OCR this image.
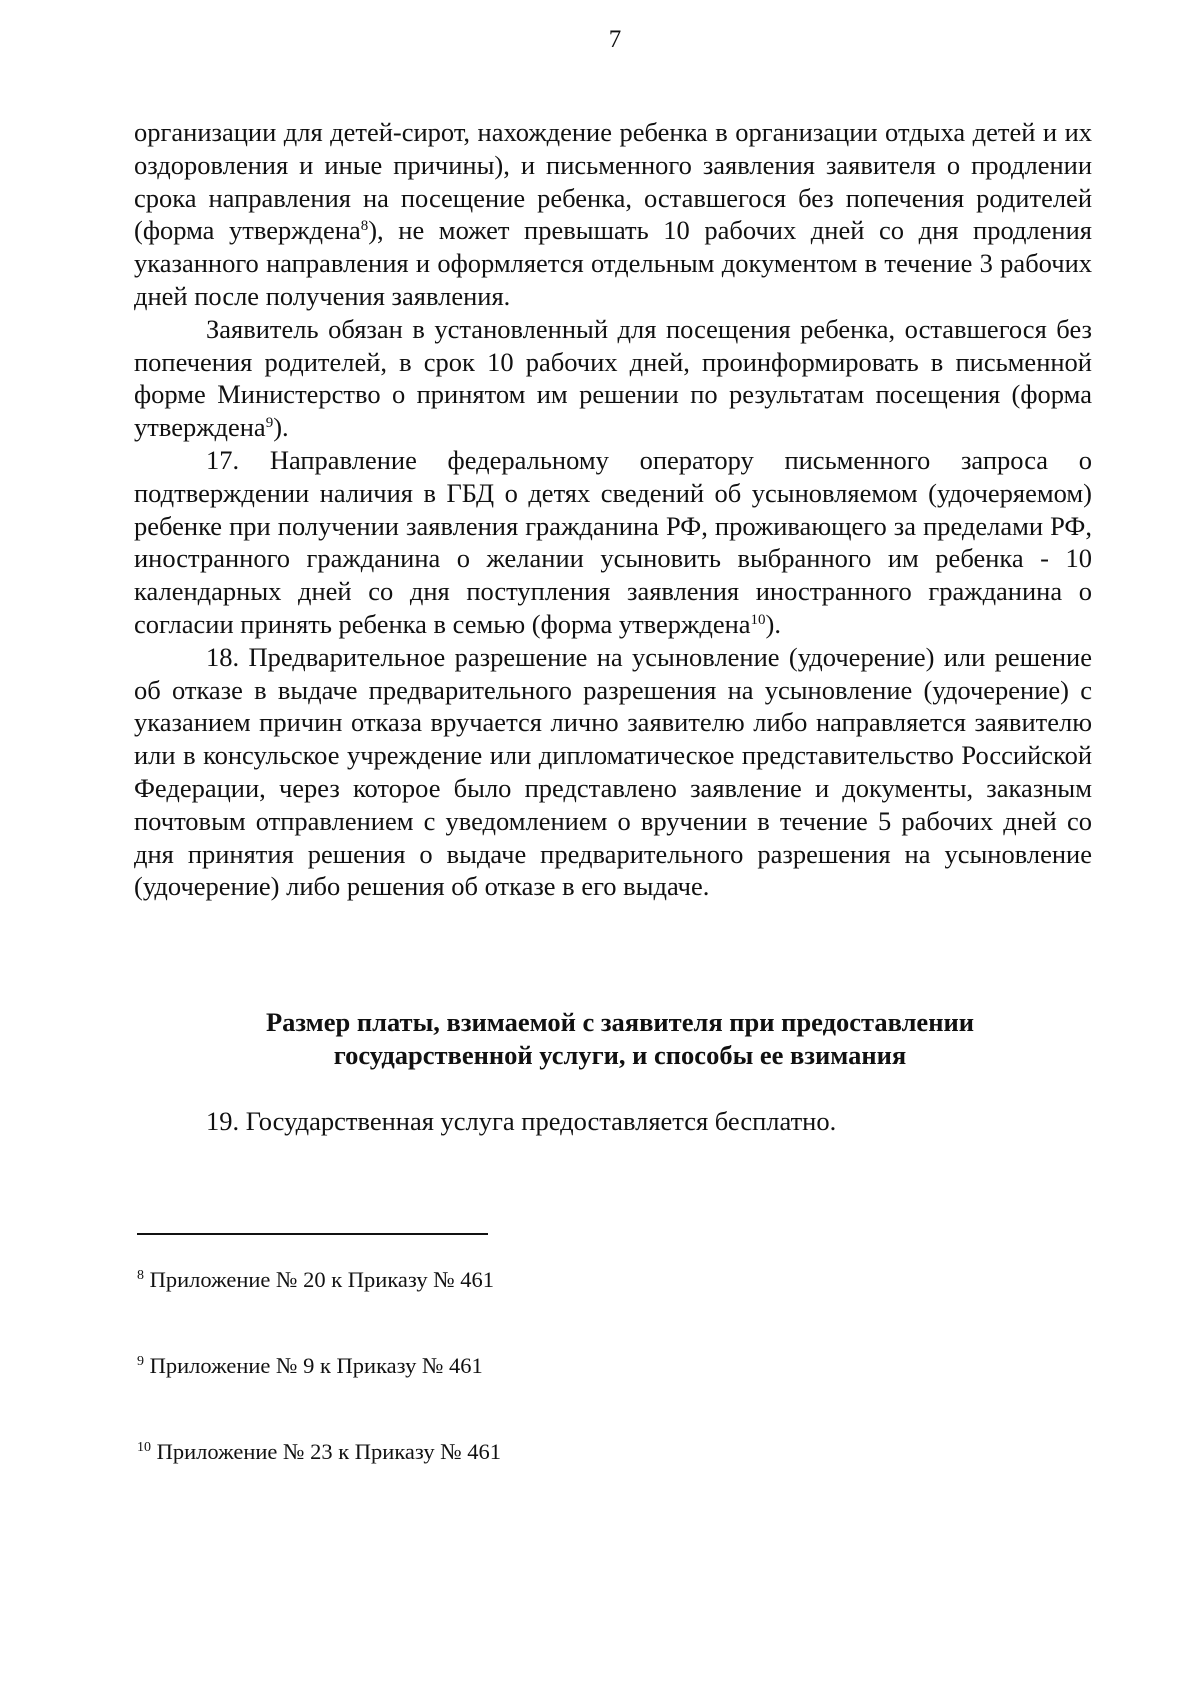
7

организации для детей-сирот, нахождение ребенка в организации отдыха детей и их оздоровления и иные причины), и письменного заявления заявителя о продлении срока направления на посещение ребенка, оставшегося без попечения родителей (форма утверждена$^8$), не может превышать 10 рабочих дней со дня продления указанного направления и оформляется отдельным документом в течение 3 рабочих дней после получения заявления.

Заявитель обязан в установленный для посещения ребенка, оставшегося без попечения родителей, в срок 10 рабочих дней, проинформировать в письменной форме Министерство о принятом им решении по результатам посещения (форма утверждена$^9$).

17. Направление федеральному оператору письменного запроса о подтверждении наличия в ГБД о детях сведений об усыновляемом (удочеряемом) ребенке при получении заявления гражданина РФ, проживающего за пределами РФ, иностранного гражданина о желании усыновить выбранного им ребенка - 10 календарных дней со дня поступления заявления иностранного гражданина о согласии принять ребенка в семью (форма утверждена$^{10}$).

18. Предварительное разрешение на усыновление (удочерение) или решение об отказе в выдаче предварительного разрешения на усыновление (удочерение) с указанием причин отказа вручается лично заявителю либо направляется заявителю или в консульское учреждение или дипломатическое представительство Российской Федерации, через которое было представлено заявление и документы, заказным почтовым отправлением с уведомлением о вручении в течение 5 рабочих дней со дня принятия решения о выдаче предварительного разрешения на усыновление (удочерение) либо решения об отказе в его выдаче.

Размер платы, взимаемой с заявителя при предоставлении
государственной услуги, и способы ее взимания
19. Государственная услуга предоставляется бесплатно.
$^8$ Приложение № 20 к Приказу № 461
$^9$ Приложение № 9 к Приказу № 461
$^{10}$ Приложение № 23 к Приказу № 461
